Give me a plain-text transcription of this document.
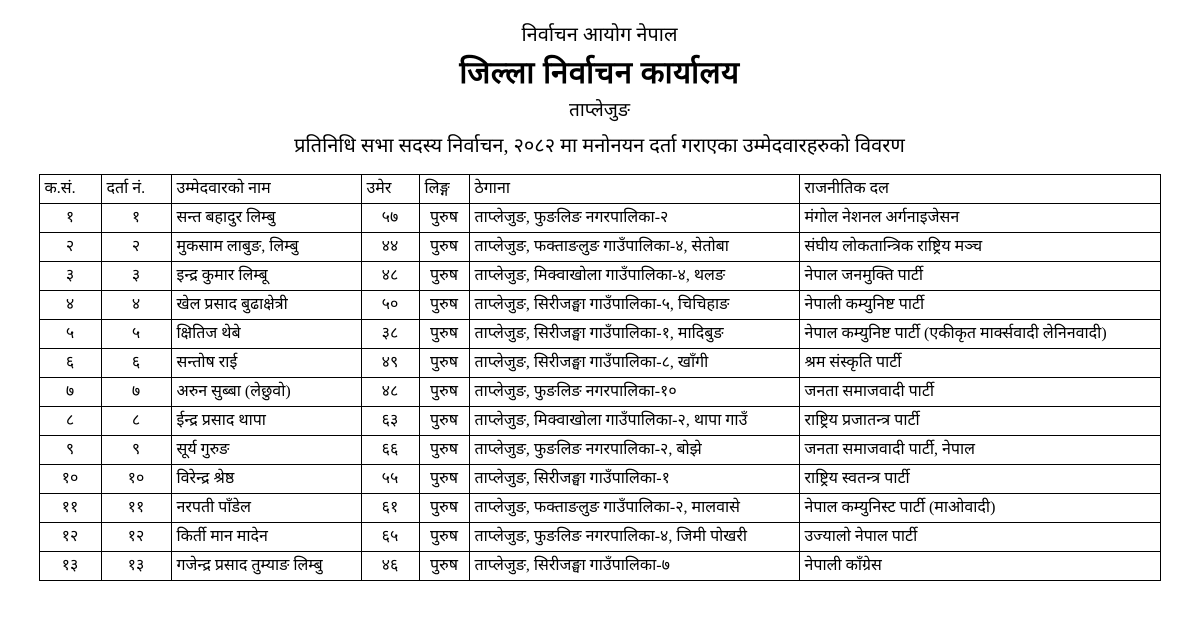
निर्वाचन आयोग नेपाल
जिल्ला निर्वाचन कार्यालय
ताप्लेजुङ
प्रतिनिधि सभा सदस्य निर्वाचन, २०८२ मा मनोनयन दर्ता गराएका उम्मेदवारहरुको विवरण
क.सं.	दर्ता नं.	उम्मेदवारको नाम	उमेर	लिङ्ग	ठेगाना	राजनीतिक दल
१	१	सन्त बहादुर लिम्बु	५७	पुरुष	ताप्लेजुङ, फुङलिङ नगरपालिका-२	मंगोल नेशनल अर्गनाइजेसन
२	२	मुकसाम लाबुङ, लिम्बु	४४	पुरुष	ताप्लेजुङ, फक्ताङलुङ गाउँपालिका-४, सेतोबा	संघीय लोकतान्त्रिक राष्ट्रिय मञ्च
३	३	इन्द्र कुमार लिम्बू	४८	पुरुष	ताप्लेजुङ, मिक्वाखोला गाउँपालिका-४, थलङ	नेपाल जनमुक्ति पार्टी
४	४	खेल प्रसाद बुढाक्षेत्री	५०	पुरुष	ताप्लेजुङ, सिरीजङ्घा गाउँपालिका-५, चिचिहाङ	नेपाली कम्युनिष्ट पार्टी
५	५	क्षितिज थेबे	३८	पुरुष	ताप्लेजुङ, सिरीजङ्घा गाउँपालिका-१, मादिबुङ	नेपाल कम्युनिष्ट पार्टी (एकीकृत मार्क्सवादी लेनिनवादी)
६	६	सन्तोष राई	४९	पुरुष	ताप्लेजुङ, सिरीजङ्घा गाउँपालिका-८, खाँगी	श्रम संस्कृति पार्टी
७	७	अरुन सुब्बा (लेछुवो)	४८	पुरुष	ताप्लेजुङ, फुङलिङ नगरपालिका-१०	जनता समाजवादी पार्टी
८	८	ईन्द्र प्रसाद थापा	६३	पुरुष	ताप्लेजुङ, मिक्वाखोला गाउँपालिका-२, थापा गाउँ	राष्ट्रिय प्रजातन्त्र पार्टी
९	९	सूर्य गुरुङ	६६	पुरुष	ताप्लेजुङ, फुङलिङ नगरपालिका-२, बोझे	जनता समाजवादी पार्टी, नेपाल
१०	१०	विरेन्द्र श्रेष्ठ	५५	पुरुष	ताप्लेजुङ, सिरीजङ्घा गाउँपालिका-१	राष्ट्रिय स्वतन्त्र पार्टी
११	११	नरपती पाँडेल	६१	पुरुष	ताप्लेजुङ, फक्ताङलुङ गाउँपालिका-२, मालवासे	नेपाल कम्युनिस्ट पार्टी (माओवादी)
१२	१२	किर्ती मान मादेन	६५	पुरुष	ताप्लेजुङ, फुङलिङ नगरपालिका-४, जिमी पोखरी	उज्यालो नेपाल पार्टी
१३	१३	गजेन्द्र प्रसाद तुम्याङ लिम्बु	४६	पुरुष	ताप्लेजुङ, सिरीजङ्घा गाउँपालिका-७	नेपाली काँग्रेस
